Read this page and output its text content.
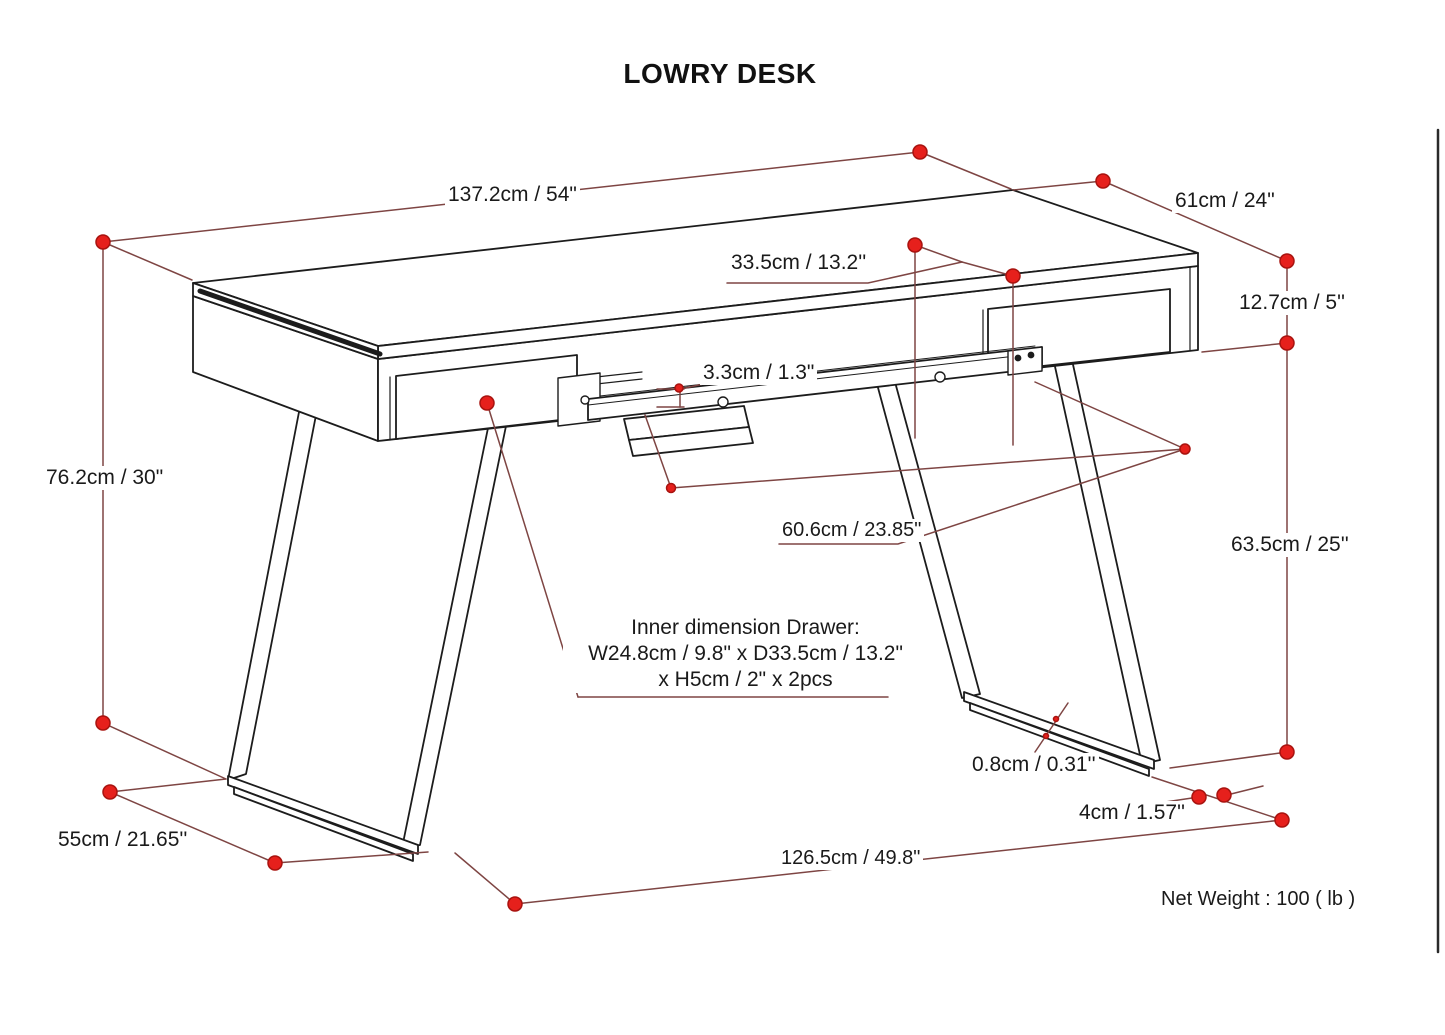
LOWRY DESK
137.2cm / 54"	61cm / 24"
33.5cm / 13.2''
12.7cm / 5''
3.3cm / 1.3"
76.2cm / 30"
60.6cm / 23.85"
63.5cm / 25''
0.8cm / 0.31''
4cm / 1.57''
55cm / 21.65''
126.5cm / 49.8"
Inner dimension Drawer:
W24.8cm / 9.8" x D33.5cm / 13.2"
x H5cm / 2" x 2pcs
Net Weight : 100 ( lb )
